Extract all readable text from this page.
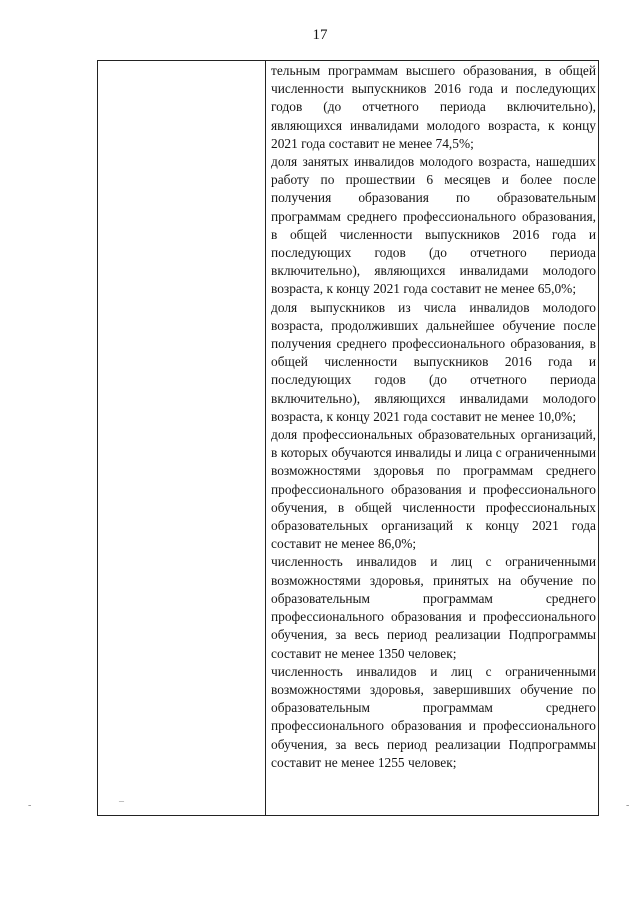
17

тельным программам высшего образования, в общей численности выпускников 2016 года и последующих годов (до отчетного периода включительно), являющихся инвалидами молодого возраста, к концу 2021 года составит не менее 74,5%;

доля занятых инвалидов молодого возраста, нашедших работу по прошествии 6 месяцев и более после получения образования по образовательным программам среднего профессионального образования, в общей численности выпускников 2016 года и последующих годов (до отчетного периода включительно), являющихся инвалидами молодого возраста, к концу 2021 года составит не менее 65,0%;

доля выпускников из числа инвалидов молодого возраста, продолживших дальнейшее обучение после получения среднего профессионального образования, в общей численности выпускников 2016 года и последующих годов (до отчетного периода включительно), являющихся инвалидами молодого возраста, к концу 2021 года составит не менее 10,0%;

доля профессиональных образовательных организаций, в которых обучаются инвалиды и лица с ограниченными возможностями здоровья по программам среднего профессионального образования и профессионального обучения, в общей численности профессиональных образовательных организаций к концу 2021 года составит не менее 86,0%;

численность инвалидов и лиц с ограниченными возможностями здоровья, принятых на обучение по образовательным программам среднего профессионального образования и профессионального обучения, за весь период реализации Подпрограммы составит не менее 1350 человек;

численность инвалидов и лиц с ограниченными возможностями здоровья, завершивших обучение по образовательным программам среднего профессионального образования и профессионального обучения, за весь период реализации Подпрограммы составит не менее 1255 человек;

-	–	-
